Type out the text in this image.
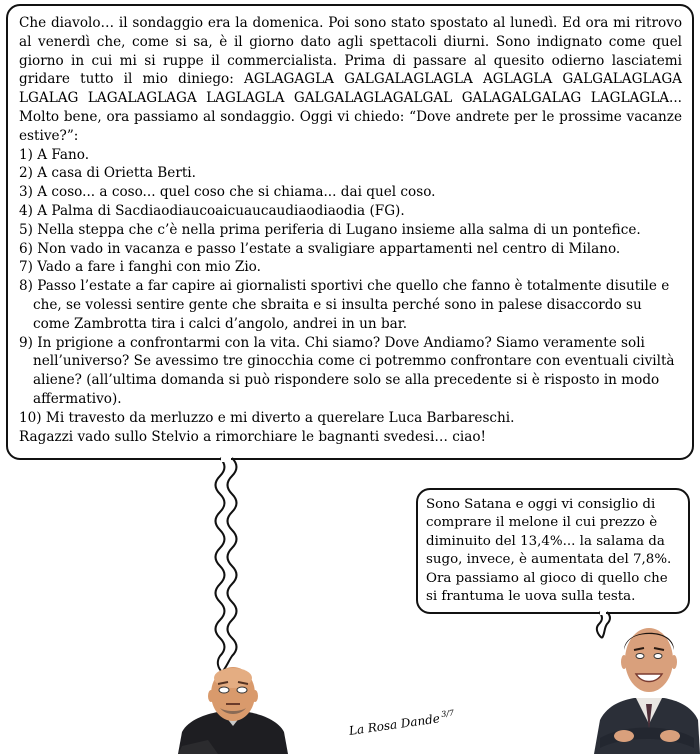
Che diavolo… il sondaggio era la domenica. Poi sono stato spostato al lunedì. Ed ora mi ritrovo al venerdì che, come si sa, è il giorno dato agli spettacoli diurni. Sono indignato come quel giorno in cui mi si ruppe il commercialista. Prima di passare al quesito odierno lasciatemi gridare tutto il mio diniego: AGLAGAGLA GALGALAGLAGLA AGLAGLA GALGALAGLAGA LGALAG LAGALAGLAGA LAGLAGLA GALGALAGLAGALGAL GALAGALGALAG LAGLAGLA... Molto bene, ora passiamo al sondaggio. Oggi vi chiedo: “Dove andrete per le prossime vacanze estive?”:

1) A Fano.
2) A casa di Orietta Berti.
3) A coso... a coso... quel coso che si chiama... dai quel coso.
4) A Palma di Sacdiaodiaucoaicuaucaudiaodiaodia (FG).
5) Nella steppa che c’è nella prima periferia di Lugano insieme alla salma di un pontefice.
6) Non vado in vacanza e passo l’estate a svaligiare appartamenti nel centro di Milano.
7) Vado a fare i fanghi con mio Zio.
8) Passo l’estate a far capire ai giornalisti sportivi che quello che fanno è totalmente disutile e che, se volessi sentire gente che sbraita e si insulta perché sono in palese disaccordo su come Zambrotta tira i calci d’angolo, andrei in un bar.
9) In prigione a confrontarmi con la vita. Chi siamo? Dove Andiamo? Siamo veramente soli nell’universo? Se avessimo tre ginocchia come ci potremmo confrontare con eventuali civiltà aliene? (all’ultima domanda si può rispondere solo se alla precedente si è risposto in modo affermativo).
10) Mi travesto da merluzzo e mi diverto a querelare Luca Barbareschi.

Ragazzi vado sullo Stelvio a rimorchiare le bagnanti svedesi… ciao!

Sono Satana e oggi vi consiglio di comprare il melone il cui prezzo è diminuito del 13,4%... la salama da sugo, invece, è aumentata del 7,8%. Ora passiamo al gioco di quello che si frantuma le uova sulla testa.

La Rosa Dande3/7
